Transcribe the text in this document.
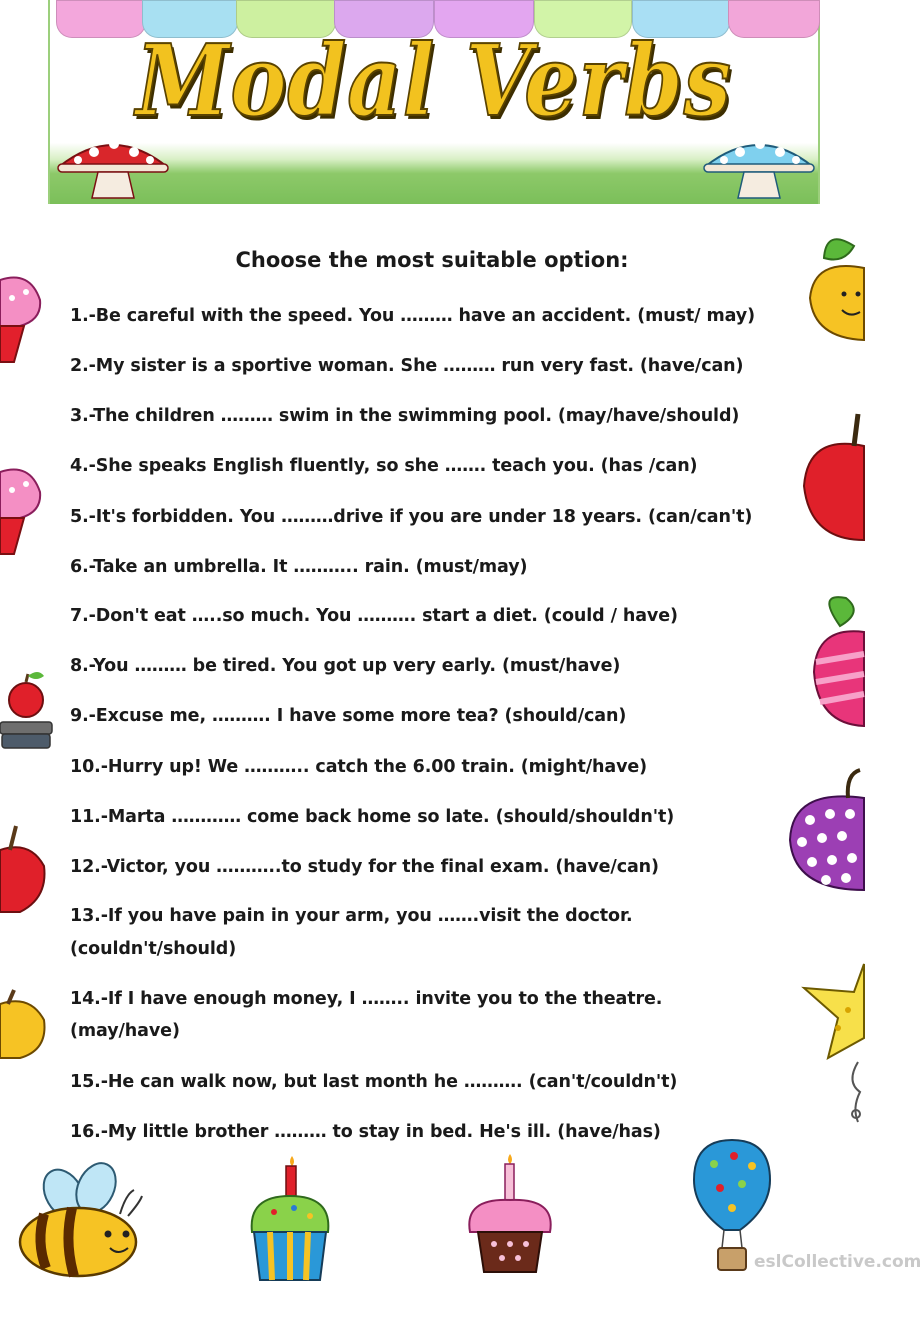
Modal Verbs

Choose the most suitable option:

1.-Be careful with the speed. You ……… have an accident. (must/ may)

2.-My sister is a sportive woman. She ……… run very fast. (have/can)

3.-The children ……… swim in the swimming pool. (may/have/should)

4.-She speaks English fluently, so she ……. teach you. (has /can)

5.-It's forbidden. You ………drive if you are under 18 years. (can/can't)

6.-Take an umbrella. It ……….. rain. (must/may)

7.-Don't eat …..so much. You ………. start a diet. (could / have)

8.-You ……… be tired. You got up very early. (must/have)

9.-Excuse me, ………. I have some more tea? (should/can)

10.-Hurry up! We ……….. catch the 6.00 train. (might/have)

11.-Marta ………… come back home so late. (should/shouldn't)

12.-Victor, you ………..to study for the final exam. (have/can)

13.-If you have pain in your arm, you …….visit the doctor.

(couldn't/should)

14.-If I have enough money, I …….. invite you to the theatre.

(may/have)

15.-He can walk now, but last month he ………. (can't/couldn't)

16.-My little brother ……… to stay in bed. He's ill. (have/has)

eslCollective.com
